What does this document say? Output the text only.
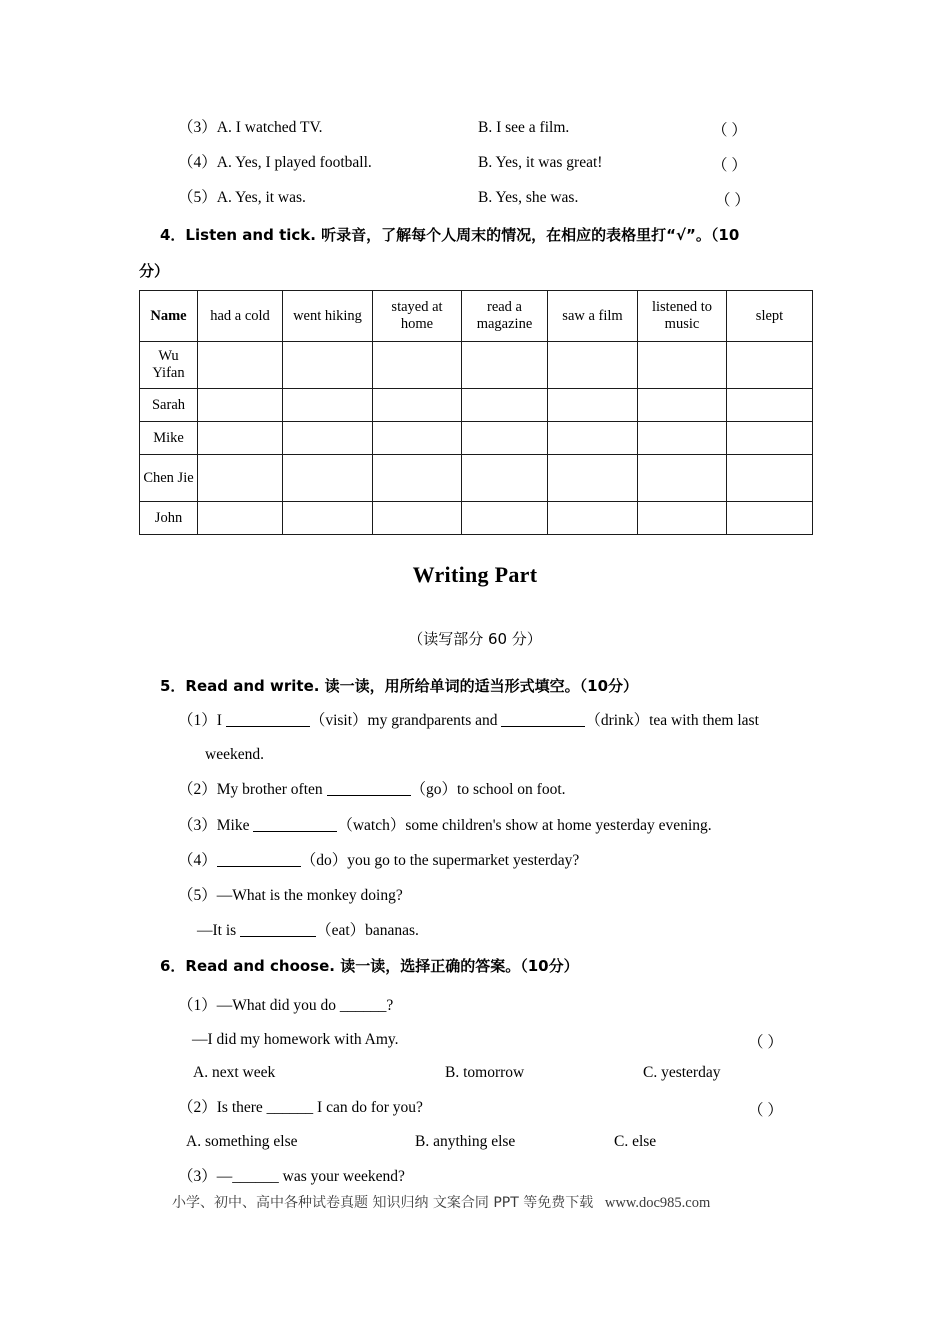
（3）A. I watched TV.	B. I see a film.	（ ）
（4）A. Yes, I played football.	B. Yes, it was great!	（ ）
（5）A. Yes, it was.	B. Yes, she was.	（ ）
4．Listen and tick. 听录音，了解每个人周末的情况，在相应的表格里打“√”。（10
分）
Name	had a cold	went hiking	stayed at home	read a magazine	saw a film	listened to music	slept
Wu Yifan							
Sarah							
Mike							
Chen Jie							
John							
Writing Part
（读写部分 60 分）
5．Read and write. 读一读，用所给单词的适当形式填空。（10分）
（1）I	（visit）my grandparents and	（drink）tea with them last
weekend.
（2）My brother often	（go）to school on foot.
（3）Mike	（watch）some children's show at home yesterday evening.
（4）	（do）you go to the supermarket yesterday?
（5）—What is the monkey doing?
—It is	（eat）bananas.
6．Read and choose. 读一读，选择正确的答案。（10分）
（1）—What did you do ______?
—I did my homework with Amy.	（ ）
A. next week	B. tomorrow	C. yesterday
（2）Is there ______ I can do for you?	（ ）
A. something else	B. anything else	C. else
（3）—______ was your weekend?
小学、初中、高中各种试卷真题 知识归纳 文案合同 PPT 等免费下载 www.doc985.com
